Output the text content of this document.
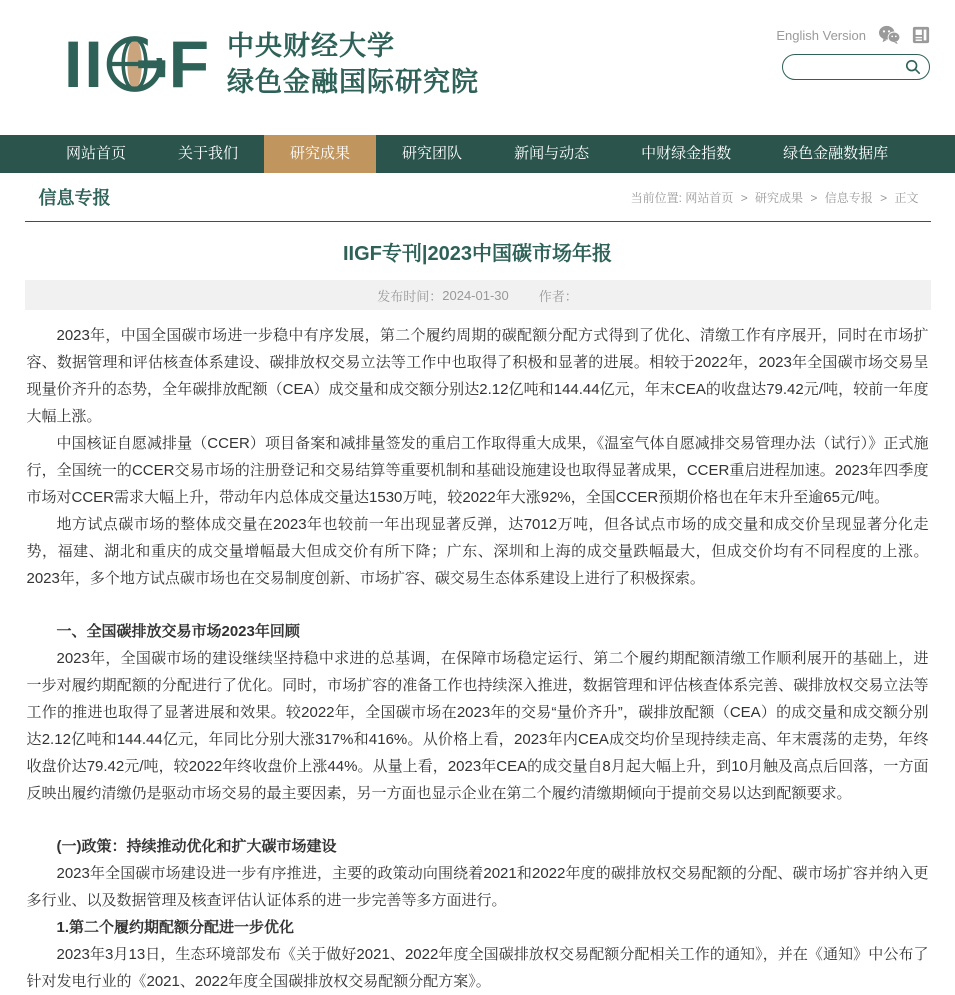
II F 中央财经大学
绿色金融国际研究院
English Version
网站首页	关于我们	研究成果	研究团队	新闻与动态	中财绿金指数	绿色金融数据库
信息专报	当前位置: 网站首页 > 研究成果 > 信息专报 > 正文
IIGF专刊|2023中国碳市场年报
发布时间： 2024-01-30 作者：

2023年，中国全国碳市场进一步稳中有序发展，第二个履约周期的碳配额分配方式得到了优化、清缴工作有序展开，同时在市场扩容、数据管理和评估核查体系建设、碳排放权交易立法等工作中也取得了积极和显著的进展。相较于2022年，2023年全国碳市场交易呈现量价齐升的态势，全年碳排放配额（CEA）成交量和成交额分别达2.12亿吨和144.44亿元，年末CEA的收盘达79.42元/吨，较前一年度大幅上涨。

中国核证自愿减排量（CCER）项目备案和减排量签发的重启工作取得重大成果，《温室气体自愿减排交易管理办法（试行）》正式施行，全国统一的CCER交易市场的注册登记和交易结算等重要机制和基础设施建设也取得显著成果，CCER重启进程加速。2023年四季度市场对CCER需求大幅上升，带动年内总体成交量达1530万吨，较2022年大涨92%，全国CCER预期价格也在年末升至逾65元/吨。

地方试点碳市场的整体成交量在2023年也较前一年出现显著反弹，达7012万吨，但各试点市场的成交量和成交价呈现显著分化走势，福建、湖北和重庆的成交量增幅最大但成交价有所下降；广东、深圳和上海的成交量跌幅最大，但成交价均有不同程度的上涨。2023年，多个地方试点碳市场也在交易制度创新、市场扩容、碳交易生态体系建设上进行了积极探索。

一、全国碳排放交易市场2023年回顾

2023年，全国碳市场的建设继续坚持稳中求进的总基调，在保障市场稳定运行、第二个履约期配额清缴工作顺利展开的基础上，进一步对履约期配额的分配进行了优化。同时，市场扩容的准备工作也持续深入推进，数据管理和评估核查体系完善、碳排放权交易立法等工作的推进也取得了显著进展和效果。较2022年，全国碳市场在2023年的交易“量价齐升”，碳排放配额（CEA）的成交量和成交额分别达2.12亿吨和144.44亿元，年同比分别大涨317%和416%。从价格上看，2023年内CEA成交均价呈现持续走高、年末震荡的走势，年终收盘价达79.42元/吨，较2022年终收盘价上涨44%。从量上看，2023年CEA的成交量自8月起大幅上升，到10月触及高点后回落，一方面反映出履约清缴仍是驱动市场交易的最主要因素，另一方面也显示企业在第二个履约清缴期倾向于提前交易以达到配额要求。

(一)政策：持续推动优化和扩大碳市场建设

2023年全国碳市场建设进一步有序推进，主要的政策动向围绕着2021和2022年度的碳排放权交易配额的分配、碳市场扩容并纳入更多行业、以及数据管理及核查评估认证体系的进一步完善等多方面进行。

1.第二个履约期配额分配进一步优化

2023年3月13日，生态环境部发布《关于做好2021、2022年度全国碳排放权交易配额分配相关工作的通知》，并在《通知》中公布了针对发电行业的《2021、2022年度全国碳排放权交易配额分配方案》。
